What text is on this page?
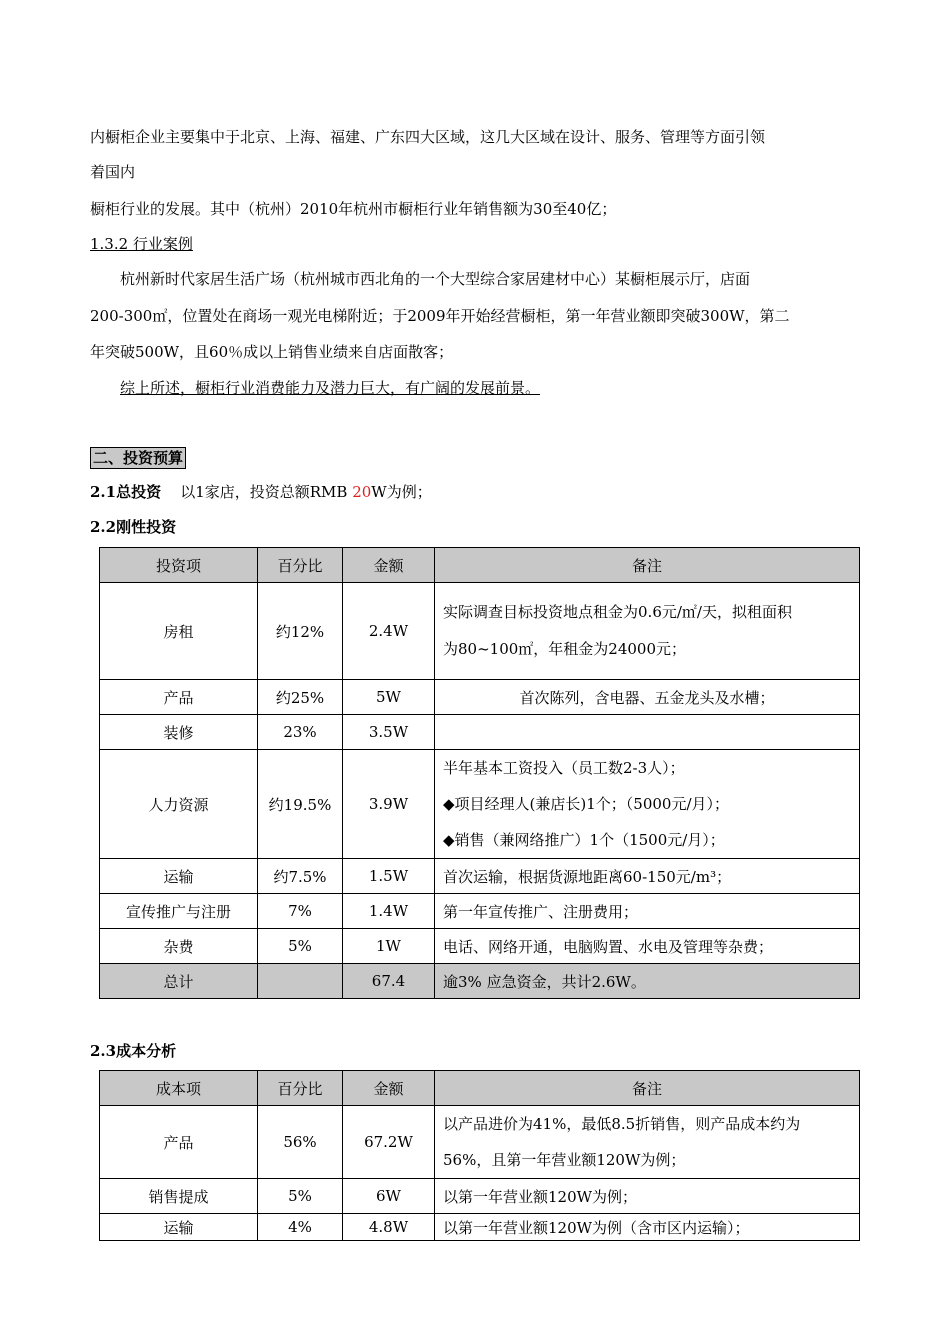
内橱柜企业主要集中于北京、上海、福建、广东四大区域，这几大区域在设计、服务、管理等方面引领
着国内
橱柜行业的发展。其中（杭州）2010年杭州市橱柜行业年销售额为30至40亿；
1.3.2 行业案例
杭州新时代家居生活广场（杭州城市西北角的一个大型综合家居建材中心）某橱柜展示厅，店面
200-300㎡，位置处在商场一观光电梯附近；于2009年开始经营橱柜，第一年营业额即突破300W，第二
年突破500W，且60％成以上销售业绩来自店面散客；
综上所述，橱柜行业消费能力及潜力巨大，有广阔的发展前景。
二、投资预算
2.1总投资 以1家店，投资总额RMB 20W为例；
2.2刚性投资
投资项	百分比	金额	备注
房租	约12%	2.4W	实际调查目标投资地点租金为0.6元/㎡/天，拟租面积
为80~100㎡，年租金为24000元；

产品	约25%	5W	首次陈列，含电器、五金龙头及水槽；
装修	23%	3.5W	
人力资源	约19.5%	3.9W	半年基本工资投入（员工数2-3人）；
◆项目经理人(兼店长)1个；（5000元/月）；
◆销售（兼网络推广）1个（1500元/月）；

运输	约7.5%	1.5W	首次运输，根据货源地距离60-150元/m³；
宣传推广与注册	7%	1.4W	第一年宣传推广、注册费用；
杂费	5%	1W	电话、网络开通，电脑购置、水电及管理等杂费；
总计		67.4	逾3% 应急资金，共计2.6W。
2.3成本分析
成本项	百分比	金额	备注
产品	56%	67.2W	以产品进价为41%，最低8.5折销售，则产品成本约为
56%，且第一年营业额120W为例；

销售提成	5%	6W	以第一年营业额120W为例；
运输	4%	4.8W	以第一年营业额120W为例（含市区内运输）；
